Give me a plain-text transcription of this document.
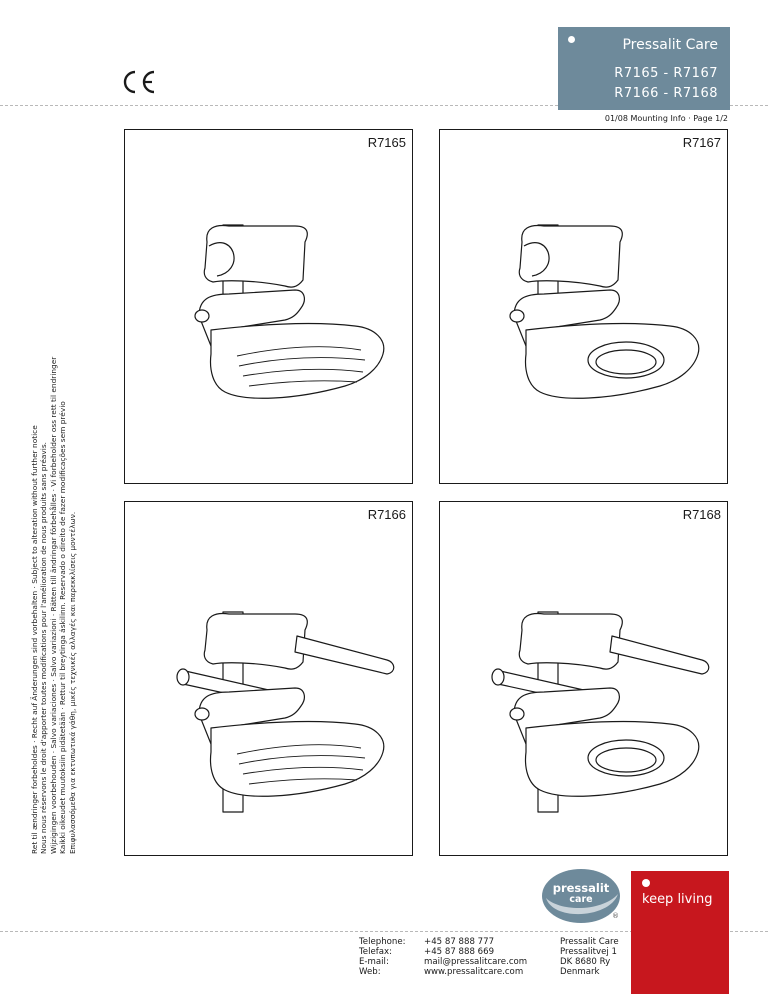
Pressalit Care
R7165 - R7167
R7166 - R7168
01/08 Mounting Info · Page 1/2
Ret til ændringer forbeholdes · Recht auf Änderungen sind vorbehalten · Subject to alteration without further notice Nous nous réservons le droit d'apporter toutes modifications pour l'amélioration de nous produits sans préavis. Wijzigingen voorbehouden · Salvo variaciones · Salvo variazioni · Rätten till ändringar förbehålles · Vi forbeholder oss rett til endringer Kaikki oikeudet muutoksiin pidätetään · Rettur til breytinga áskilinn. Reservado o direito de fazer modificações sem prévio Επιφυλασσόμεθα για εκτνπωτικά γάθη, μικές τεχνικές αλλαγές και παρεκκλίσεις μοντέλων.
R7165	R7167
R7166	R7168
pressalit
care
®
keep living
Telephone:
Telefax:
E-mail:
Web:
+45 87 888 777
+45 87 888 669
mail@pressalitcare.com
www.pressalitcare.com
Pressalit Care
Pressalitvej 1
DK 8680 Ry
Denmark
